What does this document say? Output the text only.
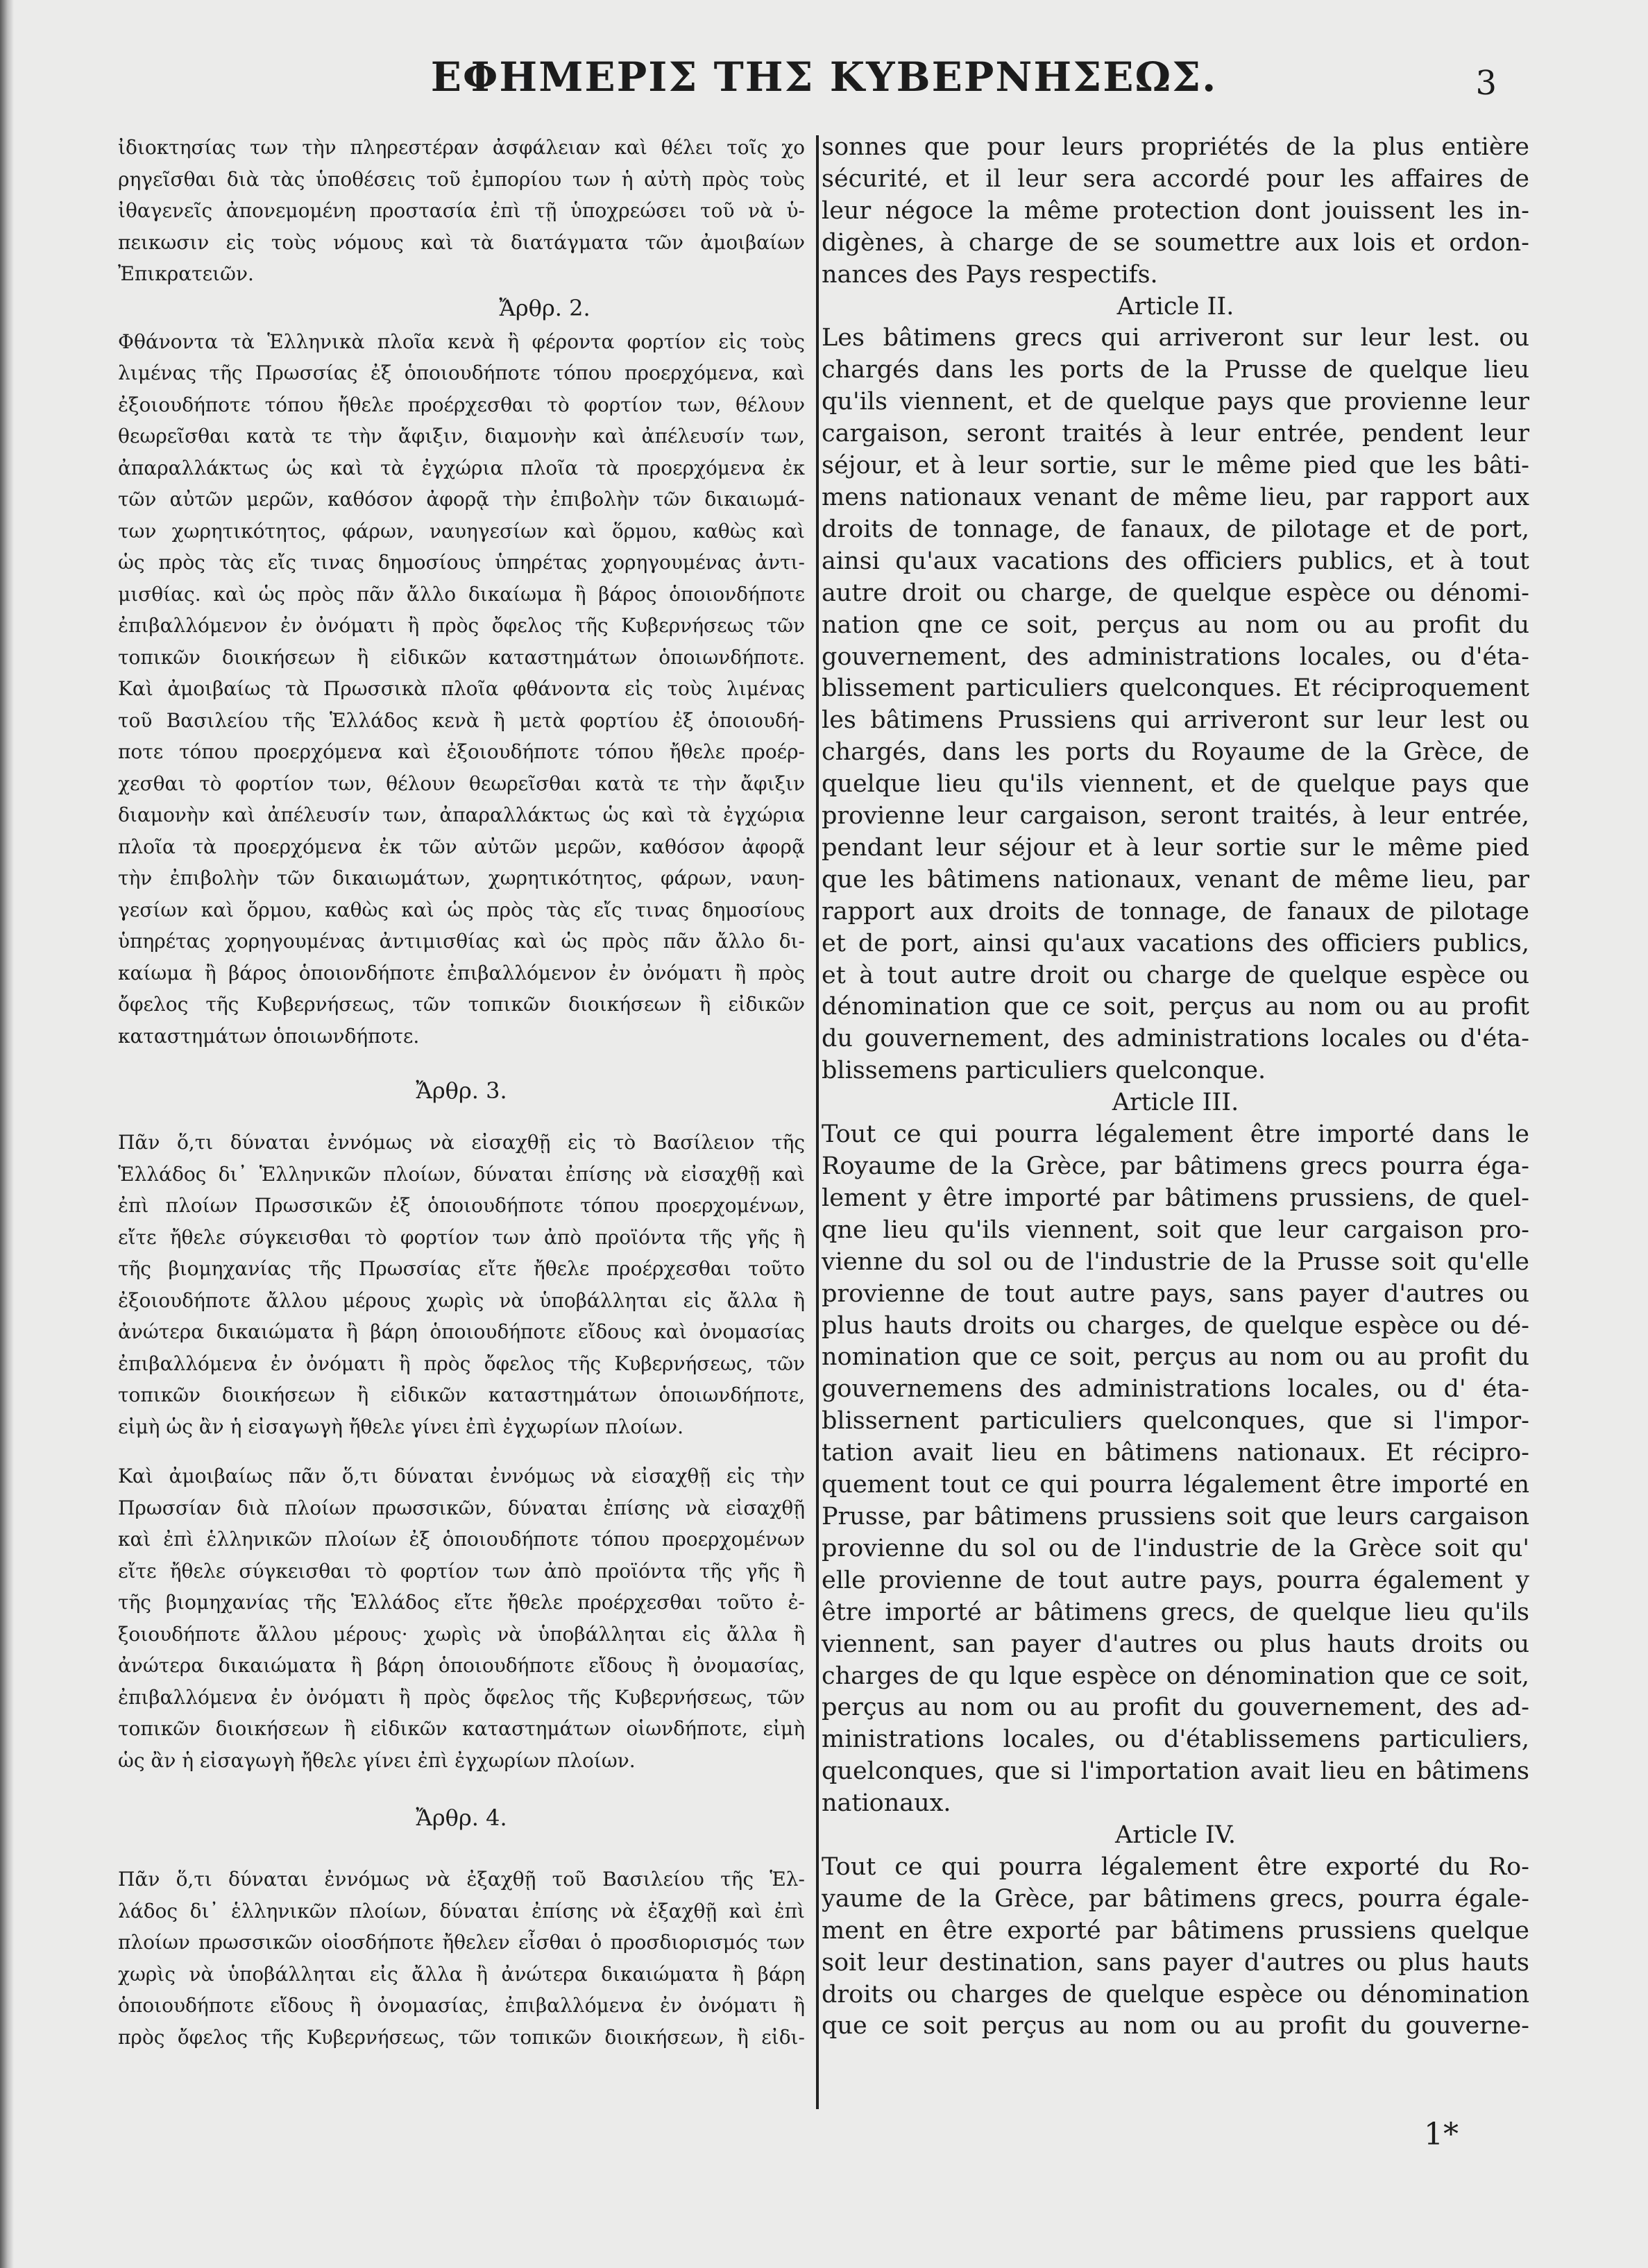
ΕΦΗΜΕΡΙΣ ΤΗΣ ΚΥΒΕΡΝΗΣΕΩΣ.	3

ἰδιοκτησίας των τὴν πληρεστέραν ἀσφάλειαν καὶ θέλει τοῖς χο

ρηγεῖσθαι διὰ τὰς ὑποθέσεις τοῦ ἐμπορίου των ἡ αὐτὴ πρὸς τοὺς

ἰθαγενεῖς ἀπονεμομένη προστασία ἐπὶ τῇ ὑποχρεώσει τοῦ νὰ ὑ-

πεικωσιν εἰς τοὺς νόμους καὶ τὰ διατάγματα τῶν ἀμοιβαίων

Ἐπικρατειῶν.

Ἄρθρ. 2.

Φθάνοντα τὰ Ἑλληνικὰ πλοῖα κενὰ ἢ φέροντα φορτίον εἰς τοὺς

λιμένας τῆς Πρωσσίας ἐξ ὁποιουδήποτε τόπου προερχόμενα, καὶ

ἐξοιουδήποτε τόπου ἤθελε προέρχεσθαι τὸ φορτίον των, θέλουν

θεωρεῖσθαι κατὰ τε τὴν ἄφιξιν, διαμονὴν καὶ ἀπέλευσίν των,

ἀπαραλλάκτως ὡς καὶ τὰ ἐγχώρια πλοῖα τὰ προερχόμενα ἐκ

τῶν αὐτῶν μερῶν, καθόσον ἀφορᾷ τὴν ἐπιβολὴν τῶν δικαιωμά-

των χωρητικότητος, φάρων, ναυηγεσίων καὶ ὅρμου, καθὼς καὶ

ὡς πρὸς τὰς εἴς τινας δημοσίους ὑπηρέτας χορηγουμένας ἀντι-

μισθίας. καὶ ὡς πρὸς πᾶν ἄλλο δικαίωμα ἢ βάρος ὁποιονδήποτε

ἐπιβαλλόμενον ἐν ὀνόματι ἢ πρὸς ὄφελος τῆς Κυβερνήσεως τῶν

τοπικῶν διοικήσεων ἢ εἰδικῶν καταστημάτων ὁποιωνδήποτε.

Καὶ ἀμοιβαίως τὰ Πρωσσικὰ πλοῖα φθάνοντα εἰς τοὺς λιμένας

τοῦ Βασιλείου τῆς Ἑλλάδος κενὰ ἢ μετὰ φορτίου ἐξ ὁποιουδή-

ποτε τόπου προερχόμενα καὶ ἐξοιουδήποτε τόπου ἤθελε προέρ-

χεσθαι τὸ φορτίον των, θέλουν θεωρεῖσθαι κατὰ τε τὴν ἄφιξιν

διαμονὴν καὶ ἀπέλευσίν των, ἀπαραλλάκτως ὡς καὶ τὰ ἐγχώρια

πλοῖα τὰ προερχόμενα ἐκ τῶν αὐτῶν μερῶν, καθόσον ἀφορᾷ

τὴν ἐπιβολὴν τῶν δικαιωμάτων, χωρητικότητος, φάρων, ναυη-

γεσίων καὶ ὅρμου, καθὼς καὶ ὡς πρὸς τὰς εἴς τινας δημοσίους

ὑπηρέτας χορηγουμένας ἀντιμισθίας καὶ ὡς πρὸς πᾶν ἄλλο δι-

καίωμα ἢ βάρος ὁποιονδήποτε ἐπιβαλλόμενον ἐν ὀνόματι ἢ πρὸς

ὄφελος τῆς Κυβερνήσεως, τῶν τοπικῶν διοικήσεων ἢ εἰδικῶν

καταστημάτων ὁποιωνδήποτε.

Ἄρθρ. 3.

Πᾶν ὅ,τι δύναται ἐννόμως νὰ εἰσαχθῇ εἰς τὸ Βασίλειον τῆς

Ἑλλάδος δι᾽ Ἑλληνικῶν πλοίων, δύναται ἐπίσης νὰ εἰσαχθῇ καὶ

ἐπὶ πλοίων Πρωσσικῶν ἐξ ὁποιουδήποτε τόπου προερχομένων,

εἴτε ἤθελε σύγκεισθαι τὸ φορτίον των ἀπὸ προϊόντα τῆς γῆς ἢ

τῆς βιομηχανίας τῆς Πρωσσίας εἴτε ἤθελε προέρχεσθαι τοῦτο

ἐξοιουδήποτε ἄλλου μέρους χωρὶς νὰ ὑποβάλληται εἰς ἄλλα ἢ

ἀνώτερα δικαιώματα ἢ βάρη ὁποιουδήποτε εἴδους καὶ ὀνομασίας

ἐπιβαλλόμενα ἐν ὀνόματι ἢ πρὸς ὄφελος τῆς Κυβερνήσεως, τῶν

τοπικῶν διοικήσεων ἢ εἰδικῶν καταστημάτων ὁποιωνδήποτε,

εἰμὴ ὡς ἂν ἡ εἰσαγωγὴ ἤθελε γίνει ἐπὶ ἐγχωρίων πλοίων.

Καὶ ἀμοιβαίως πᾶν ὅ,τι δύναται ἐννόμως νὰ εἰσαχθῇ εἰς τὴν

Πρωσσίαν διὰ πλοίων πρωσσικῶν, δύναται ἐπίσης νὰ εἰσαχθῇ

καὶ ἐπὶ ἑλληνικῶν πλοίων ἐξ ὁποιουδήποτε τόπου προερχομένων

εἴτε ἤθελε σύγκεισθαι τὸ φορτίον των ἀπὸ προϊόντα τῆς γῆς ἢ

τῆς βιομηχανίας τῆς Ἑλλάδος εἴτε ἤθελε προέρχεσθαι τοῦτο ἐ-

ξοιουδήποτε ἄλλου μέρους· χωρὶς νὰ ὑποβάλληται εἰς ἄλλα ἢ

ἀνώτερα δικαιώματα ἢ βάρη ὁποιουδήποτε εἴδους ἢ ὀνομασίας,

ἐπιβαλλόμενα ἐν ὀνόματι ἢ πρὸς ὄφελος τῆς Κυβερνήσεως, τῶν

τοπικῶν διοικήσεων ἢ εἰδικῶν καταστημάτων οἱωνδήποτε, εἰμὴ

ὡς ἂν ἡ εἰσαγωγὴ ἤθελε γίνει ἐπὶ ἐγχωρίων πλοίων.

Ἄρθρ. 4.

Πᾶν ὅ,τι δύναται ἐννόμως νὰ ἐξαχθῇ τοῦ Βασιλείου τῆς Ἑλ-

λάδος δι᾽ ἑλληνικῶν πλοίων, δύναται ἐπίσης νὰ ἐξαχθῇ καὶ ἐπὶ

πλοίων πρωσσικῶν οἱοσδήποτε ἤθελεν εἶσθαι ὁ προσδιορισμός των

χωρὶς νὰ ὑποβάλληται εἰς ἄλλα ἢ ἀνώτερα δικαιώματα ἢ βάρη

ὁποιουδήποτε εἴδους ἢ ὀνομασίας, ἐπιβαλλόμενα ἐν ὀνόματι ἢ

πρὸς ὄφελος τῆς Κυβερνήσεως, τῶν τοπικῶν διοικήσεων, ἢ εἰδι-

sonnes que pour leurs propriétés de la plus entière

sécurité, et il leur sera accordé pour les affaires de

leur négoce la même protection dont jouissent les in-

digènes, à charge de se soumettre aux lois et ordon-

nances des Pays respectifs.

Article II.

Les bâtimens grecs qui arriveront sur leur lest. ou

chargés dans les ports de la Prusse de quelque lieu

qu'ils viennent, et de quelque pays que provienne leur

cargaison, seront traités à leur entrée, pendent leur

séjour, et à leur sortie, sur le même pied que les bâti-

mens nationaux venant de même lieu, par rapport aux

droits de tonnage, de fanaux, de pilotage et de port,

ainsi qu'aux vacations des officiers publics, et à tout

autre droit ou charge, de quelque espèce ou dénomi-

nation qne ce soit, perçus au nom ou au profit du

gouvernement, des administrations locales, ou d'éta-

blissement particuliers quelconques. Et réciproquement

les bâtimens Prussiens qui arriveront sur leur lest ou

chargés, dans les ports du Royaume de la Grèce, de

quelque lieu qu'ils viennent, et de quelque pays que

provienne leur cargaison, seront traités, à leur entrée,

pendant leur séjour et à leur sortie sur le même pied

que les bâtimens nationaux, venant de même lieu, par

rapport aux droits de tonnage, de fanaux de pilotage

et de port, ainsi qu'aux vacations des officiers publics,

et à tout autre droit ou charge de quelque espèce ou

dénomination que ce soit, perçus au nom ou au profit

du gouvernement, des administrations locales ou d'éta-

blissemens particuliers quelconque.

Article III.

Tout ce qui pourra légalement être importé dans le

Royaume de la Grèce, par bâtimens grecs pourra éga-

lement y être importé par bâtimens prussiens, de quel-

qne lieu qu'ils viennent, soit que leur cargaison pro-

vienne du sol ou de l'industrie de la Prusse soit qu'elle

provienne de tout autre pays, sans payer d'autres ou

plus hauts droits ou charges, de quelque espèce ou dé-

nomination que ce soit, perçus au nom ou au profit du

gouvernemens des administrations locales, ou d' éta-

blissernent particuliers quelconques, que si l'impor-

tation avait lieu en bâtimens nationaux. Et récipro-

quement tout ce qui pourra légalement être importé en

Prusse, par bâtimens prussiens soit que leurs cargaison

provienne du sol ou de l'industrie de la Grèce soit qu'

elle provienne de tout autre pays, pourra également y

être importé ar bâtimens grecs, de quelque lieu qu'ils

viennent, san payer d'autres ou plus hauts droits ou

charges de qu lque espèce on dénomination que ce soit,

perçus au nom ou au profit du gouvernement, des ad-

ministrations locales, ou d'établissemens particuliers,

quelconques, que si l'importation avait lieu en bâtimens

nationaux.

Article IV.

Tout ce qui pourra légalement être exporté du Ro-

yaume de la Grèce, par bâtimens grecs, pourra égale-

ment en être exporté par bâtimens prussiens quelque

soit leur destination, sans payer d'autres ou plus hauts

droits ou charges de quelque espèce ou dénomination

que ce soit perçus au nom ou au profit du gouverne-

1*
